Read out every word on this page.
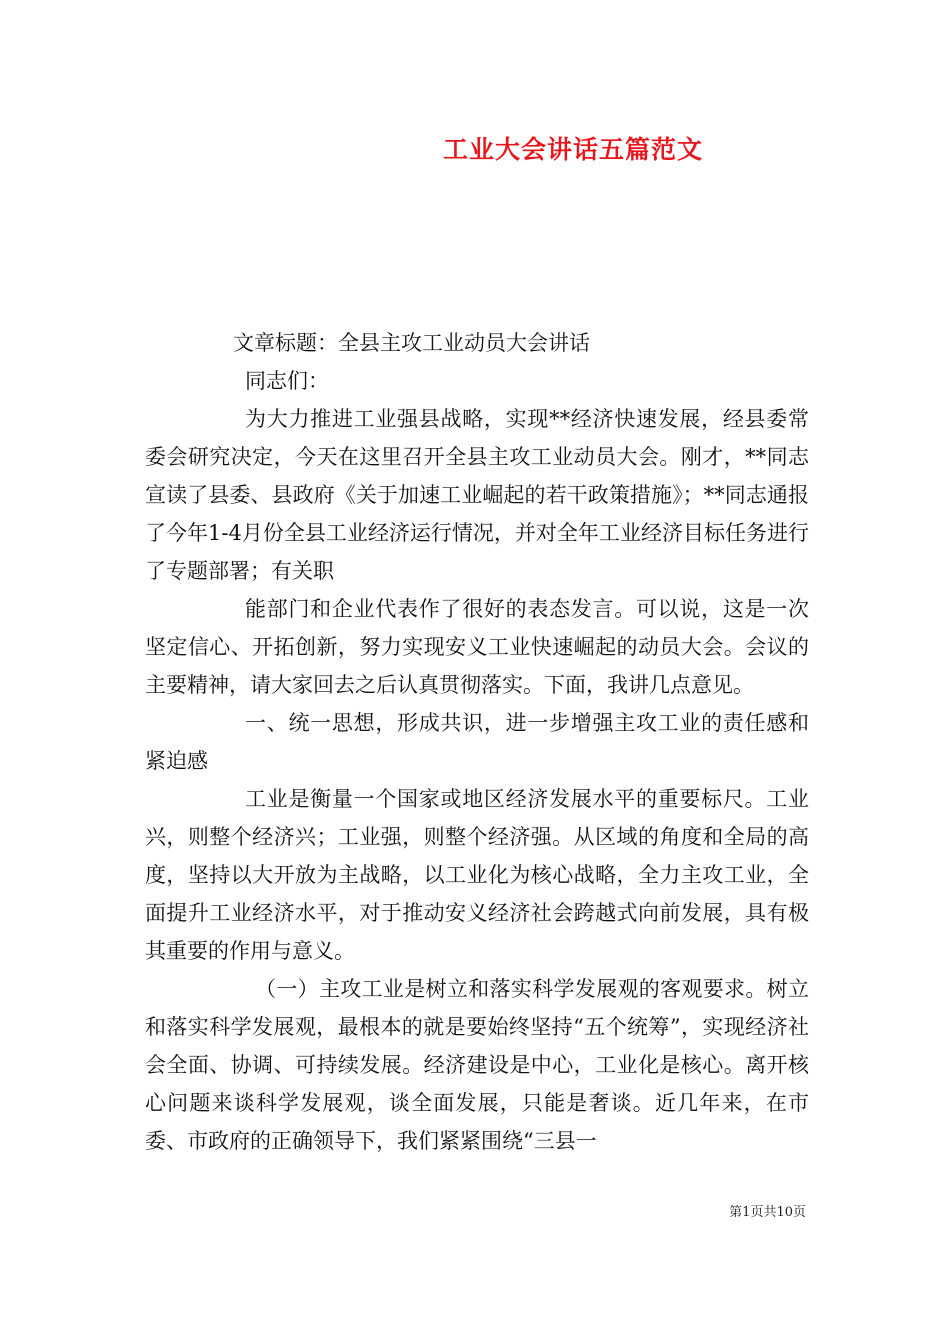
工业大会讲话五篇范文

文章标题：全县主攻工业动员大会讲话

同志们：

为大力推进工业强县战略，实现**经济快速发展，经县委常委会研究决定，今天在这里召开全县主攻工业动员大会。刚才，**同志宣读了县委、县政府《关于加速工业崛起的若干政策措施》；**同志通报了今年1-4月份全县工业经济运行情况，并对全年工业经济目标任务进行了专题部署；有关职

能部门和企业代表作了很好的表态发言。可以说，这是一次坚定信心、开拓创新，努力实现安义工业快速崛起的动员大会。会议的主要精神，请大家回去之后认真贯彻落实。下面，我讲几点意见。

一、统一思想，形成共识，进一步增强主攻工业的责任感和紧迫感

工业是衡量一个国家或地区经济发展水平的重要标尺。工业兴，则整个经济兴；工业强，则整个经济强。从区域的角度和全局的高度，坚持以大开放为主战略，以工业化为核心战略，全力主攻工业，全面提升工业经济水平，对于推动安义经济社会跨越式向前发展，具有极其重要的作用与意义。

（一）主攻工业是树立和落实科学发展观的客观要求。树立和落实科学发展观，最根本的就是要始终坚持“五个统筹”，实现经济社会全面、协调、可持续发展。经济建设是中心，工业化是核心。离开核心问题来谈科学发展观，谈全面发展，只能是奢谈。近几年来，在市委、市政府的正确领导下，我们紧紧围绕“三县一

第1页共10页
